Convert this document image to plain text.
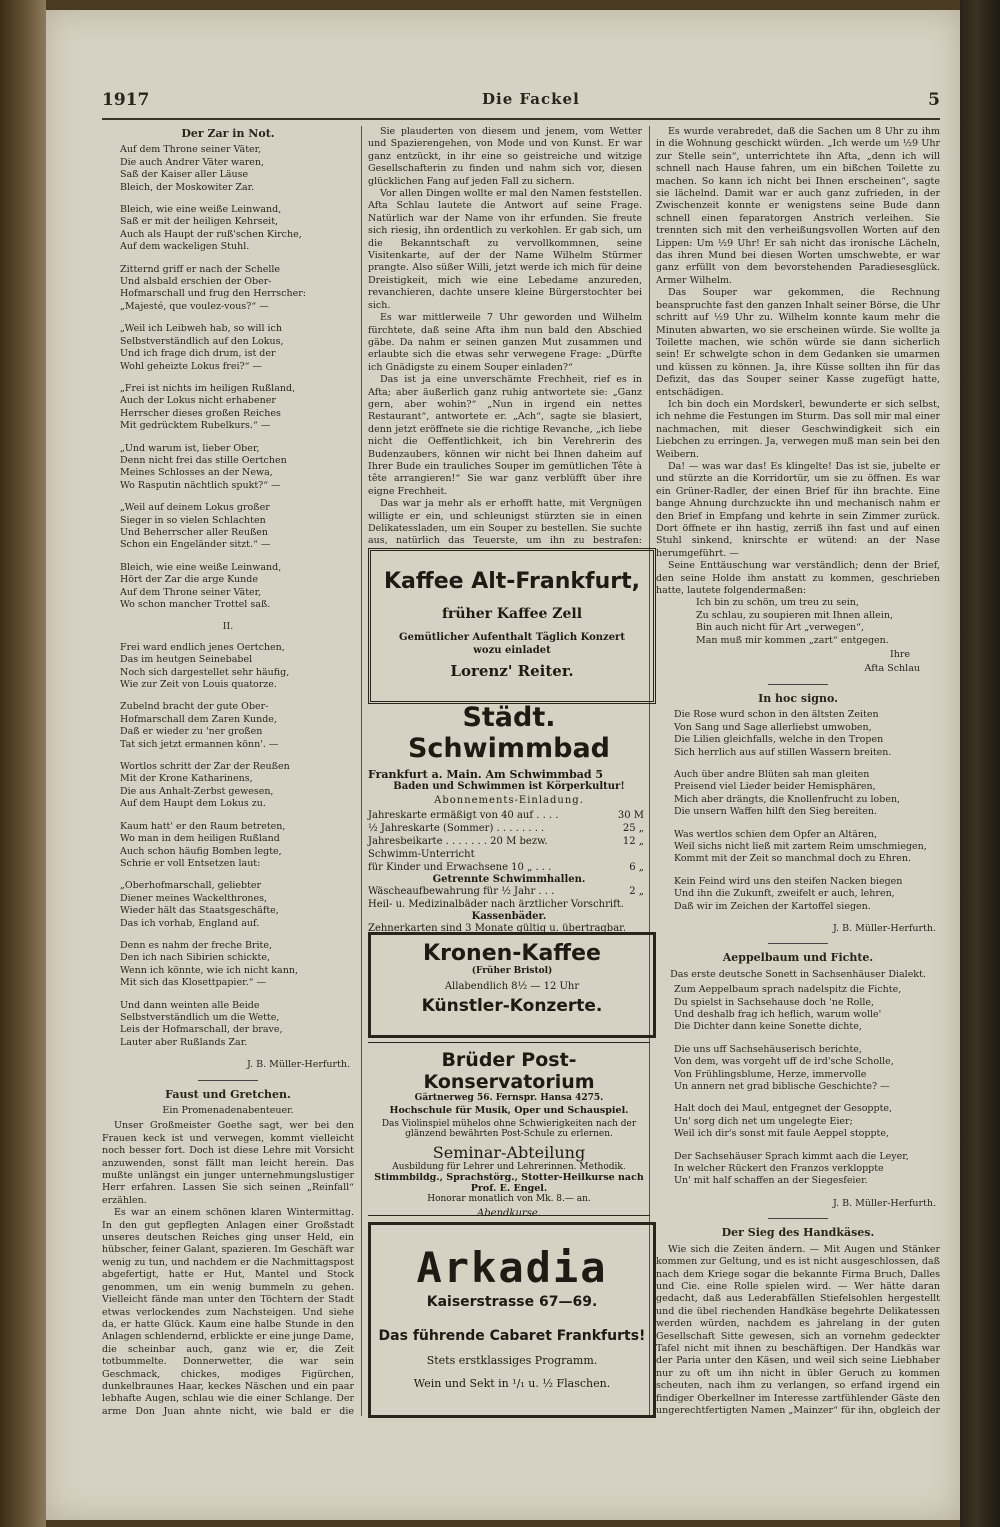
1917	Die Fackel	5
Der Zar in Not.
Auf dem Throne seiner Väter,
Die auch Andrer Väter waren,
Saß der Kaiser aller Läuse
Bleich, der Moskowiter Zar.
Bleich, wie eine weiße Leinwand,
Saß er mit der heiligen Kehrseit,
Auch als Haupt der ruß'schen Kirche,
Auf dem wackeligen Stuhl.
Zitternd griff er nach der Schelle
Und alsbald erschien der Ober-
Hofmarschall und frug den Herrscher:
„Majesté, que voulez-vous?“ —
„Weil ich Leibweh hab, so will ich
Selbstverständlich auf den Lokus,
Und ich frage dich drum, ist der
Wohl geheizte Lokus frei?“ —
„Frei ist nichts im heiligen Rußland,
Auch der Lokus nicht erhabener
Herrscher dieses großen Reiches
Mit gedrücktem Rubelkurs.“ —
„Und warum ist, lieber Ober,
Denn nicht frei das stille Oertchen
Meines Schlosses an der Newa,
Wo Rasputin nächtlich spukt?“ —
„Weil auf deinem Lokus großer
Sieger in so vielen Schlachten
Und Beherrscher aller Reußen
Schon ein Engeländer sitzt.“ —
Bleich, wie eine weiße Leinwand,
Hört der Zar die arge Kunde
Auf dem Throne seiner Väter,
Wo schon mancher Trottel saß.
II.
Frei ward endlich jenes Oertchen,
Das im heutgen Seinebabel
Noch sich dargestellet sehr häufig,
Wie zur Zeit von Louis quatorze.
Zubelnd bracht der gute Ober-
Hofmarschall dem Zaren Kunde,
Daß er wieder zu 'ner großen
Tat sich jetzt ermannen könn'. —
Wortlos schritt der Zar der Reußen
Mit der Krone Katharinens,
Die aus Anhalt-Zerbst gewesen,
Auf dem Haupt dem Lokus zu.
Kaum hatt' er den Raum betreten,
Wo man in dem heiligen Rußland
Auch schon häufig Bomben legte,
Schrie er voll Entsetzen laut:
„Oberhofmarschall, geliebter
Diener meines Wackelthrones,
Wieder hält das Staatsgeschäfte,
Das ich vorhab, England auf.
Denn es nahm der freche Brite,
Den ich nach Sibirien schickte,
Wenn ich könnte, wie ich nicht kann,
Mit sich das Klosettpapier.“ —
Und dann weinten alle Beide
Selbstverständlich um die Wette,
Leis der Hofmarschall, der brave,
Lauter aber Rußlands Zar.
J. B. Müller-Herfurth.
Faust und Gretchen.
Ein Promenadenabenteuer.

Unser Großmeister Goethe sagt, wer bei den Frauen keck ist und verwegen, kommt vielleicht noch besser fort. Doch ist diese Lehre mit Vorsicht anzuwenden, sonst fällt man leicht herein. Das mußte unlängst ein junger unternehmungslustiger Herr erfahren. Lassen Sie sich seinen „Reinfall“ erzählen.

Es war an einem schönen klaren Wintermittag. In den gut gepflegten Anlagen einer Großstadt unseres deutschen Reiches ging unser Held, ein hübscher, feiner Galant, spazieren. Im Geschäft war wenig zu tun, und nachdem er die Nachmittagspost abgefertigt, hatte er Hut, Mantel und Stock genommen, um ein wenig bummeln zu gehen. Vielleicht fände man unter den Töchtern der Stadt etwas verlockendes zum Nachsteigen. Und siehe da, er hatte Glück. Kaum eine halbe Stunde in den Anlagen schlendernd, erblickte er eine junge Dame, die scheinbar auch, ganz wie er, die Zeit totbummelte. Donnerwetter, die war sein Geschmack, chickes, modiges Figürchen, dunkelbraunes Haar, keckes Näschen und ein paar lebhafte Augen, schlau wie die einer Schlange. Der arme Don Juan ahnte nicht, wie bald er die

Sie plauderten von diesem und jenem, vom Wetter und Spazierengehen, von Mode und von Kunst. Er war ganz entzückt, in ihr eine so geistreiche und witzige Gesellschafterin zu finden und nahm sich vor, diesen glücklichen Fang auf jeden Fall zu sichern.

Vor allen Dingen wollte er mal den Namen feststellen. Afta Schlau lautete die Antwort auf seine Frage. Natürlich war der Name von ihr erfunden. Sie freute sich riesig, ihn ordentlich zu verkohlen. Er gab sich, um die Bekanntschaft zu vervollkommnen, seine Visitenkarte, auf der der Name Wilhelm Stürmer prangte. Also süßer Willi, jetzt werde ich mich für deine Dreistigkeit, mich wie eine Lebedame anzureden, revanchieren, dachte unsere kleine Bürgerstochter bei sich.

Es war mittlerweile 7 Uhr geworden und Wilhelm fürchtete, daß seine Afta ihm nun bald den Abschied gäbe. Da nahm er seinen ganzen Mut zusammen und erlaubte sich die etwas sehr verwegene Frage: „Dürfte ich Gnädigste zu einem Souper einladen?“

Das ist ja eine unverschämte Frechheit, rief es in Afta; aber äußerlich ganz ruhig antwortete sie: „Ganz gern, aber wohin?“ „Nun in irgend ein nettes Restaurant“, antwortete er. „Ach“, sagte sie blasiert, denn jetzt eröffnete sie die richtige Revanche, „ich liebe nicht die Oeffentlichkeit, ich bin Verehrerin des Budenzaubers, können wir nicht bei Ihnen daheim auf Ihrer Bude ein trauliches Souper im gemütlichen Tête à tête arrangieren!“ Sie war ganz verblüfft über ihre eigne Frechheit.

Das war ja mehr als er erhofft hatte, mit Vergnügen willigte er ein, und schleunigst stürzten sie in einen Delikatessladen, um ein Souper zu bestellen. Sie suchte aus, natürlich das Teuerste, um ihn zu bestrafen:

Kaffee Alt-Frankfurt,
früher Kaffee Zell
Gemütlicher Aufenthalt Täglich Konzert
wozu einladet
Lorenz' Reiter.
Städt. Schwimmbad
Frankfurt a. Main. Am Schwimmbad 5
Baden und Schwimmen ist Körperkultur!
Abonnements-Einladung.
Jahreskarte ermäßigt von 40 auf . . . .	30 M
½ Jahreskarte (Sommer) . . . . . . . .	25 „
Jahresbeikarte . . . . . . . 20 M bezw.	12 „
Schwimm-Unterricht
für Kinder und Erwachsene 10 „ . . .	6 „
Getrennte Schwimmhallen.
Wäscheaufbewahrung für ½ Jahr . . .	2 „
Heil- u. Medizinalbäder nach ärztlicher Vorschrift.
Kassenbäder.
Zehnerkarten sind 3 Monate gültig u. übertragbar.
Kronen-Kaffee
(Früher Bristol)
Allabendlich 8½ — 12 Uhr
Künstler-Konzerte.
Brüder Post-Konservatorium
Gärtnerweg 56. Fernspr. Hansa 4275.
Hochschule für Musik, Oper und Schauspiel.
Das Violinspiel mühelos ohne Schwierigkeiten nach der glänzend bewährten Post-Schule zu erlernen.
Seminar-Abteilung
Ausbildung für Lehrer und Lehrerinnen. Methodik.
Stimmbildg., Sprachstörg., Stotter-Heilkurse nach Prof. E. Engel.
Honorar monatlich von Mk. 8.— an.
Abendkurse.
Arkadia
Kaiserstrasse 67—69.
Das führende Cabaret Frankfurts!
Stets erstklassiges Programm.
Wein und Sekt in ¹/₁ u. ½ Flaschen.

Es wurde verabredet, daß die Sachen um 8 Uhr zu ihm in die Wohnung geschickt würden. „Ich werde um ½9 Uhr zur Stelle sein“, unterrichtete ihn Afta, „denn ich will schnell nach Hause fahren, um ein bißchen Toilette zu machen. So kann ich nicht bei Ihnen erscheinen“, sagte sie lächelnd. Damit war er auch ganz zufrieden, in der Zwischenzeit konnte er wenigstens seine Bude dann schnell einen feparatorgen Anstrich verleihen. Sie trennten sich mit den verheißungsvollen Worten auf den Lippen: Um ½9 Uhr! Er sah nicht das ironische Lächeln, das ihren Mund bei diesen Worten umschwebte, er war ganz erfüllt von dem bevorstehenden Paradiesesglück. Armer Wilhelm.

Das Souper war gekommen, die Rechnung beanspruchte fast den ganzen Inhalt seiner Börse, die Uhr schritt auf ½9 Uhr zu. Wilhelm konnte kaum mehr die Minuten abwarten, wo sie erscheinen würde. Sie wollte ja Toilette machen, wie schön würde sie dann sicherlich sein! Er schwelgte schon in dem Gedanken sie umarmen und küssen zu können. Ja, ihre Küsse sollten ihn für das Defizit, das das Souper seiner Kasse zugefügt hatte, entschädigen.

Ich bin doch ein Mordskerl, bewunderte er sich selbst, ich nehme die Festungen im Sturm. Das soll mir mal einer nachmachen, mit dieser Geschwindigkeit sich ein Liebchen zu erringen. Ja, verwegen muß man sein bei den Weibern.

Da! — was war das! Es klingelte! Das ist sie, jubelte er und stürzte an die Korridortür, um sie zu öffnen. Es war ein Grüner-Radler, der einen Brief für ihn brachte. Eine bange Ahnung durchzuckte ihn und mechanisch nahm er den Brief in Empfang und kehrte in sein Zimmer zurück. Dort öffnete er ihn hastig, zerriß ihn fast und auf einen Stuhl sinkend, knirschte er wütend: an der Nase herumgeführt. —

Seine Enttäuschung war verständlich; denn der Brief, den seine Holde ihm anstatt zu kommen, geschrieben hatte, lautete folgendermaßen:

Ich bin zu schön, um treu zu sein,
Zu schlau, zu soupieren mit Ihnen allein,
Bin auch nicht für Art „verwegen“,
Man muß mir kommen „zart“ entgegen.
Ihre
Afta Schlau
In hoc signo.
Die Rose wurd schon in den ältsten Zeiten
Von Sang und Sage allerliebst umwoben,
Die Lilien gleichfalls, welche in den Tropen
Sich herrlich aus auf stillen Wassern breiten.
Auch über andre Blüten sah man gleiten
Preisend viel Lieder beider Hemisphären,
Mich aber drängts, die Knollenfrucht zu loben,
Die unsern Waffen hilft den Sieg bereiten.
Was wertlos schien dem Opfer an Altären,
Weil sichs nicht ließ mit zartem Reim umschmiegen,
Kommt mit der Zeit so manchmal doch zu Ehren.
Kein Feind wird uns den steifen Nacken biegen
Und ihn die Zukunft, zweifelt er auch, lehren,
Daß wir im Zeichen der Kartoffel siegen.
J. B. Müller-Herfurth.
Aeppelbaum und Fichte.
Das erste deutsche Sonett in Sachsenhäuser Dialekt.
Zum Aeppelbaum sprach nadelspitz die Fichte,
Du spielst in Sachsehause doch 'ne Rolle,
Und deshalb frag ich heflich, warum wolle'
Die Dichter dann keine Sonette dichte,
Die uns uff Sachsehäuserisch berichte,
Von dem, was vorgeht uff de ird'sche Scholle,
Von Frühlingsblume, Herze, immervolle
Un annern net grad biblische Geschichte? —
Halt doch dei Maul, entgegnet der Gesoppte,
Un' sorg dich net um ungelegte Eier;
Weil ich dir's sonst mit faule Aeppel stoppte,
Der Sachsehäuser Sprach kimmt aach die Leyer,
In welcher Rückert den Franzos verkloppte
Un' mit half schaffen an der Siegesfeier.
J. B. Müller-Herfurth.
Der Sieg des Handkäses.

Wie sich die Zeiten ändern. — Mit Augen und Stänker kommen zur Geltung, und es ist nicht ausgeschlossen, daß nach dem Kriege sogar die bekannte Firma Bruch, Dalles und Cie. eine Rolle spielen wird. — Wer hätte daran gedacht, daß aus Lederabfällen Stiefelsohlen hergestellt und die übel riechenden Handkäse begehrte Delikatessen werden würden, nachdem es jahrelang in der guten Gesellschaft Sitte gewesen, sich an vornehm gedeckter Tafel nicht mit ihnen zu beschäftigen. Der Handkäs war der Paria unter den Käsen, und weil sich seine Liebhaber nur zu oft um ihn nicht in übler Geruch zu kommen scheuten, nach ihm zu verlangen, so erfand irgend ein findiger Oberkellner im Interesse zartfühlender Gäste den ungerechtfertigten Namen „Mainzer“ für ihn, obgleich der
